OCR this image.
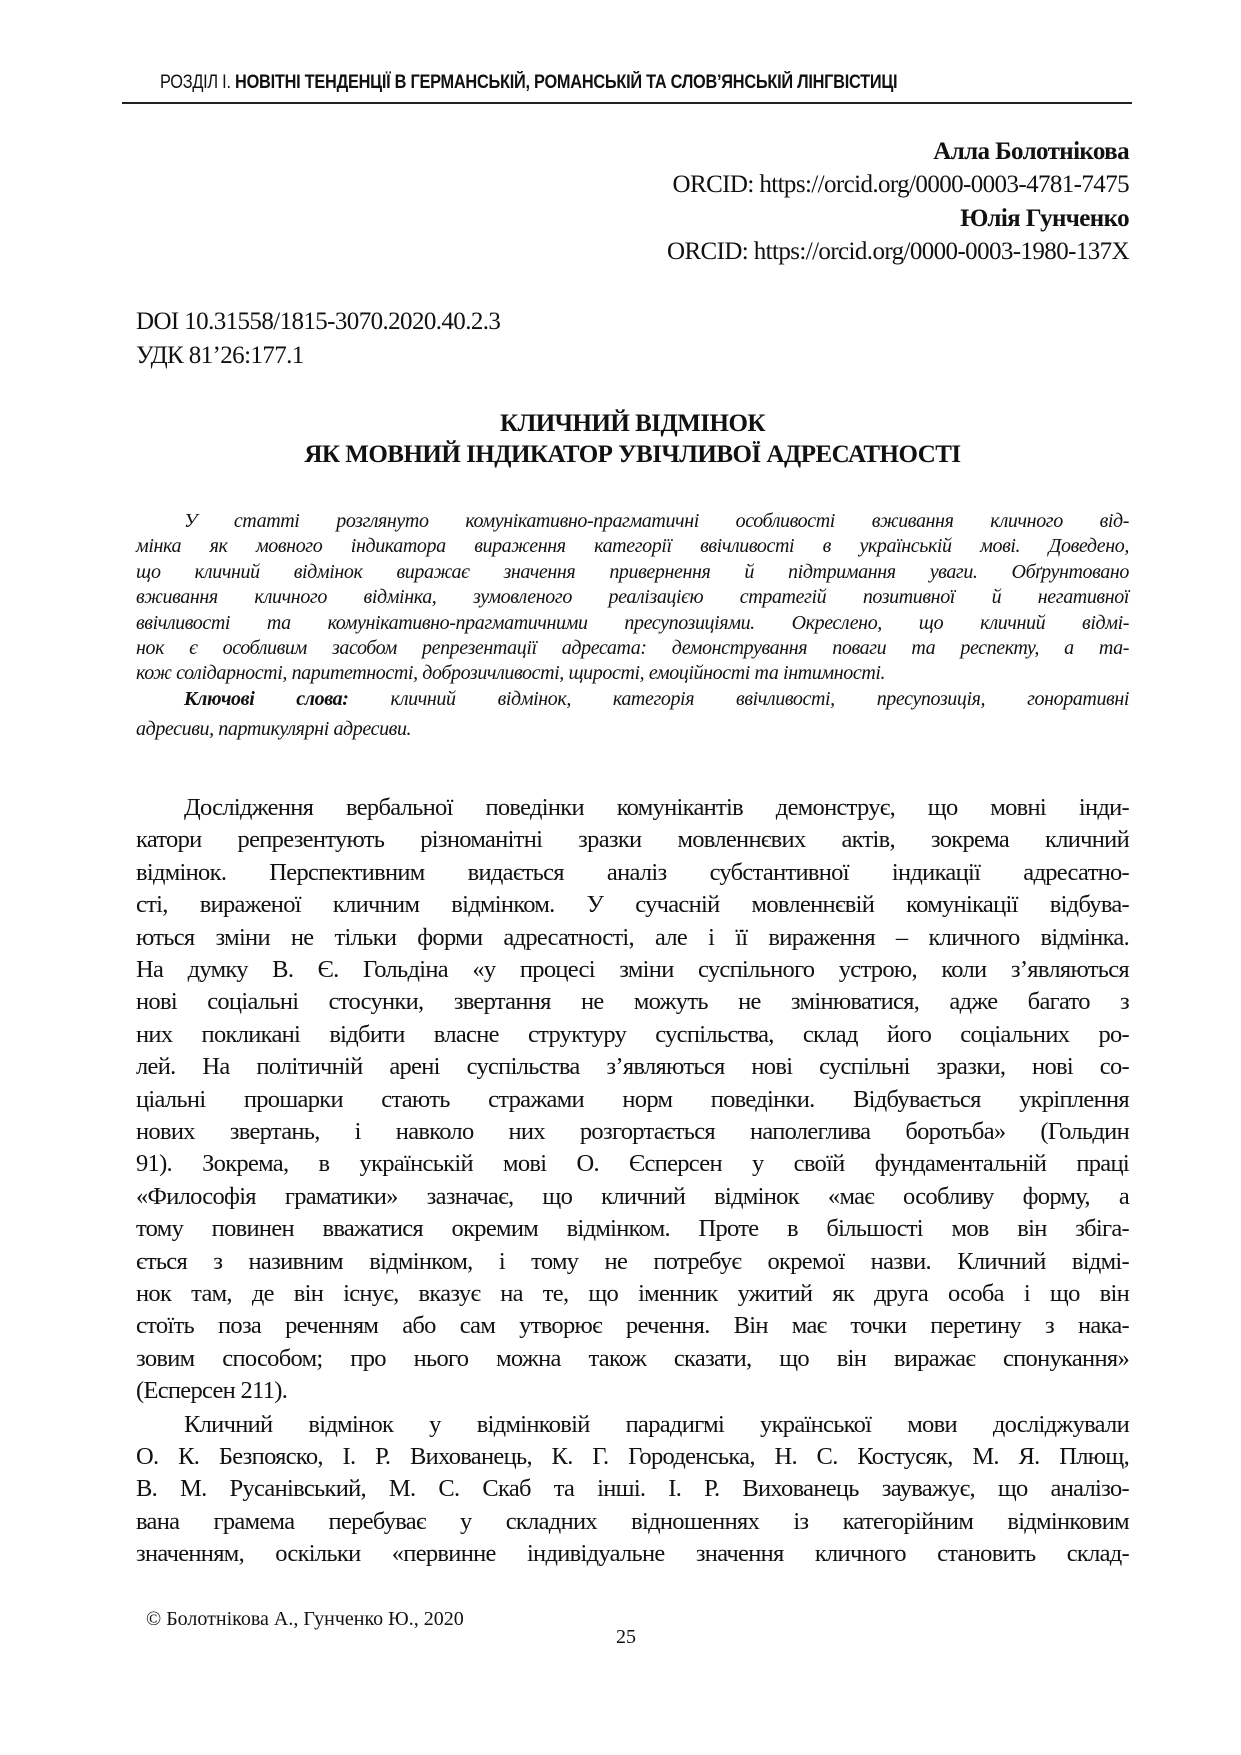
РОЗДІЛ І. НОВІТНІ ТЕНДЕНЦІЇ В ГЕРМАНСЬКІЙ, РОМАНСЬКІЙ ТА СЛОВ’ЯНСЬКІЙ ЛІНГВІСТИЦІ
Алла Болотнікова
ORCID: https://orcid.org/0000-0003-4781-7475
Юлія Гунченко
ORCID: https://orcid.org/0000-0003-1980-137X
DOI 10.31558/1815-3070.2020.40.2.3
УДК 81’26:177.1
КЛИЧНИЙ ВІДМІНОК
ЯК МОВНИЙ ІНДИКАТОР УВІЧЛИВОЇ АДРЕСАТНОСТІ
У статті розглянуто комунікативно-прагматичні особливості вживання кличного від-
мінка як мовного індикатора вираження категорії ввічливості в українській мові. Доведено,
що кличний відмінок виражає значення привернення й підтримання уваги. Обґрунтовано
вживання кличного відмінка, зумовленого реалізацією стратегій позитивної й негативної
ввічливості та комунікативно-прагматичними пресупозиціями. Окреслено, що кличний відмі-
нок є особливим засобом репрезентації адресата: демонстрування поваги та респекту, а та-
кож солідарності, паритетності, доброзичливості, щирості, емоційності та інтимності.
Ключові слова: кличний відмінок, категорія ввічливості, пресупозиція, гоноративні
адресиви, партикулярні адресиви.
Дослідження вербальної поведінки комунікантів демонструє, що мовні інди-
катори репрезентують різноманітні зразки мовленнєвих актів, зокрема кличний
відмінок. Перспективним видається аналіз субстантивної індикації адресатно-
сті, вираженої кличним відмінком. У сучасній мовленнєвій комунікації відбува-
ються зміни не тільки форми адресатності, але і її вираження – кличного відмінка.
На думку В. Є. Гольдіна «у процесі зміни суспільного устрою, коли з’являються
нові соціальні стосунки, звертання не можуть не змінюватися, адже багато з
них покликані відбити власне структуру суспільства, склад його соціальних ро-
лей. На політичній арені суспільства з’являються нові суспільні зразки, нові со-
ціальні прошарки стають стражами норм поведінки. Відбувається укріплення
нових звертань, і навколо них розгортається наполеглива боротьба» (Гольдин
91). Зокрема, в українській мові О. Єсперсен у своїй фундаментальній праці
«Философія граматики» зазначає, що кличний відмінок «має особливу форму, а
тому повинен вважатися окремим відмінком. Проте в більшості мов він збіга-
ється з називним відмінком, і тому не потребує окремої назви. Кличний відмі-
нок там, де він існує, вказує на те, що іменник ужитий як друга особа і що він
стоїть поза реченням або сам утворює речення. Він має точки перетину з нака-
зовим способом; про нього можна також сказати, що він виражає спонукання»
(Есперсен 211).
Кличний відмінок у відмінковій парадигмі української мови досліджували
О. К. Безпояско, І. Р. Вихованець, К. Г. Городенська, Н. С. Костусяк, М. Я. Плющ,
В. М. Русанівський, М. С. Скаб та інші. І. Р. Вихованець зауважує, що аналізо-
вана грамема перебуває у складних відношеннях із категорійним відмінковим
значенням, оскільки «первинне індивідуальне значення кличного становить склад-
© Болотнікова А., Гунченко Ю., 2020
25
